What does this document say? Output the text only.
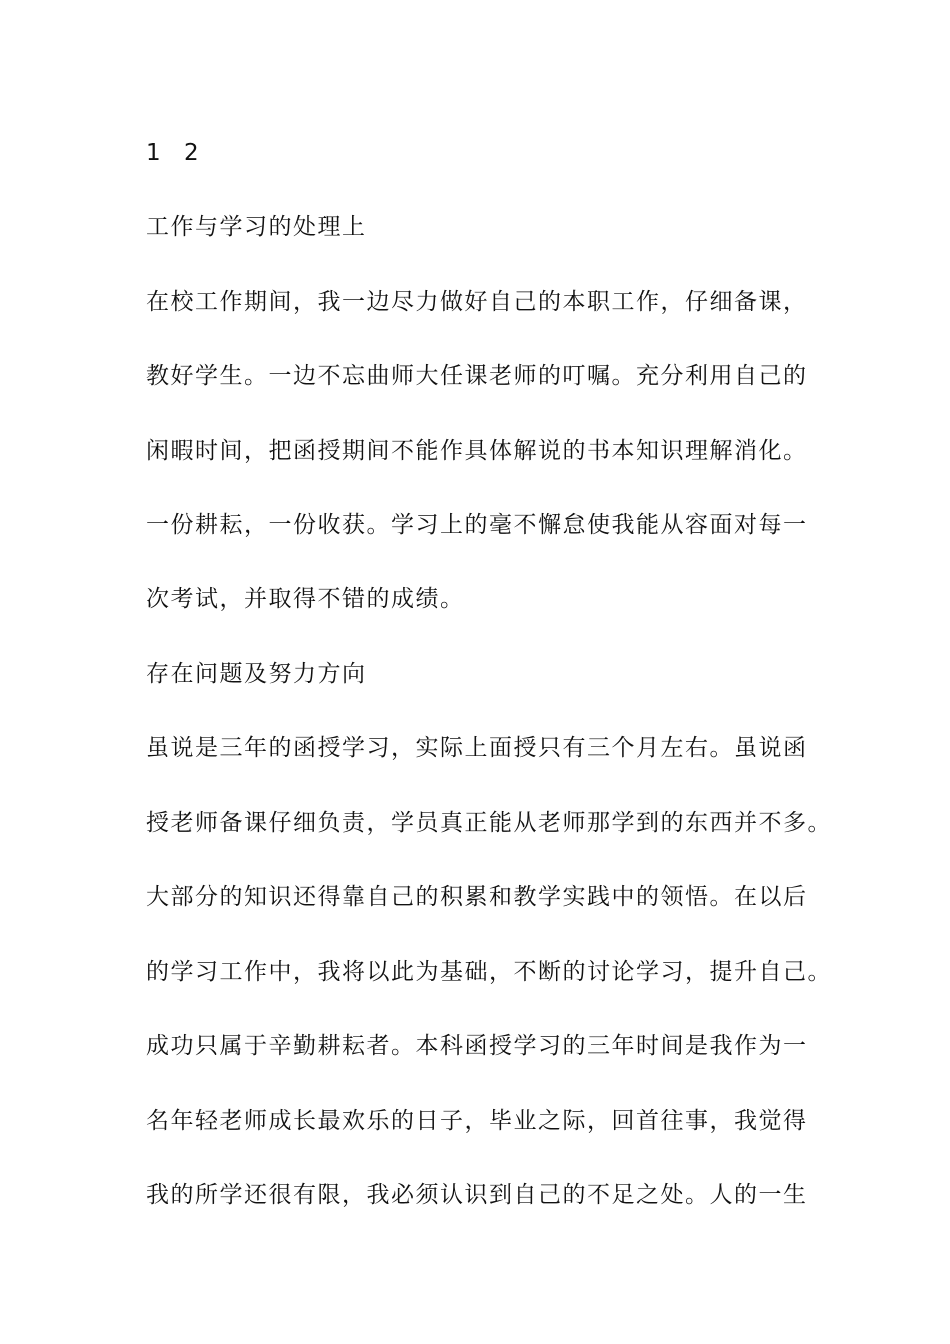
1 2
工作与学习的处理上
在校工作期间，我一边尽力做好自己的本职工作，仔细备课，
教好学生。一边不忘曲师大任课老师的叮嘱。充分利用自己的
闲暇时间，把函授期间不能作具体解说的书本知识理解消化。
一份耕耘，一份收获。学习上的毫不懈怠使我能从容面对每一
次考试，并取得不错的成绩。
存在问题及努力方向
虽说是三年的函授学习，实际上面授只有三个月左右。虽说函
授老师备课仔细负责，学员真正能从老师那学到的东西并不多。
大部分的知识还得靠自己的积累和教学实践中的领悟。在以后
的学习工作中，我将以此为基础，不断的讨论学习，提升自己。
成功只属于辛勤耕耘者。本科函授学习的三年时间是我作为一
名年轻老师成长最欢乐的日子，毕业之际，回首往事，我觉得
我的所学还很有限，我必须认识到自己的不足之处。人的一生
